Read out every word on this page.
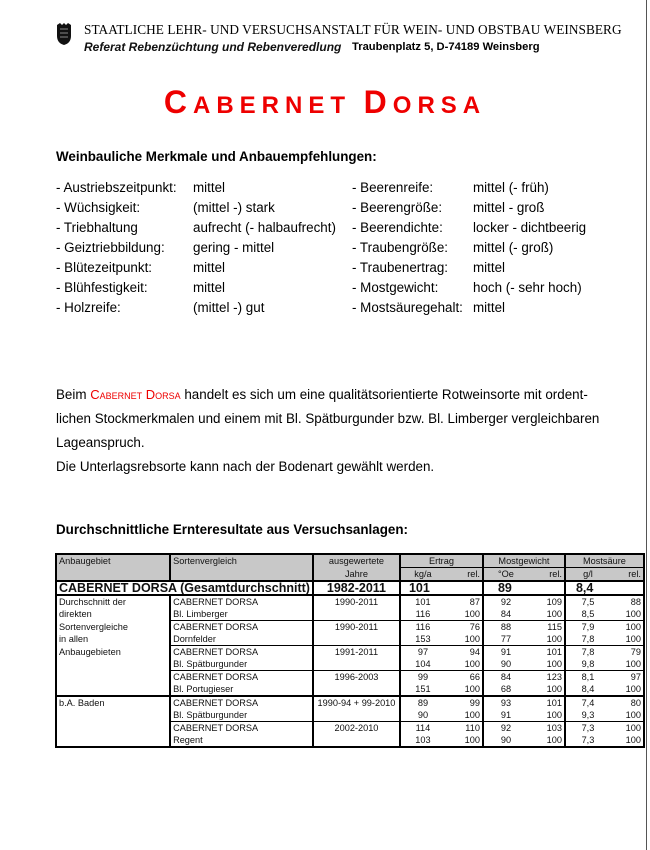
STAATLICHE LEHR- UND VERSUCHSANSTALT FÜR WEIN- UND OBSTBAU WEINSBERG
Referat Rebenzüchtung und Rebenveredlung Traubenplatz 5, D-74189 Weinsberg
CABERNET DORSA
Weinbauliche Merkmale und Anbauempfehlungen:
- Austriebszeitpunkt: mittel
- Wüchsigkeit:	(mittel -) stark
- Triebhaltung	aufrecht (- halbaufrecht)
- Geiztriebbildung: gering - mittel
- Blütezeitpunkt:	mittel
- Blühfestigkeit:	mittel
- Holzreife:	(mittel -) gut
- Beerenreife:	mittel (- früh)
- Beerengröße: mittel - groß
- Beerendichte: locker - dichtbeerig
- Traubengröße: mittel (- groß)
- Traubenertrag: mittel
- Mostgewicht:	hoch (- sehr hoch)
- Mostsäuregehalt: mittel
Beim Cabernet Dorsa handelt es sich um eine qualitätsorientierte Rotweinsorte mit ordent-
lichen Stockmerkmalen und einem mit Bl. Spätburgunder bzw. Bl. Limberger vergleichbaren
Lageanspruch.
Die Unterlagsrebsorte kann nach der Bodenart gewählt werden.
Durchschnittliche Ernteresultate aus Versuchsanlagen:
Anbaugebiet	Sortenvergleich	ausgewertete	Ertrag		Mostgewicht		Mostsäure	
		Jahre	kg/a	rel.	°Oe	rel.	g/l	rel.
CABERNET DORSA (Gesamtdurchschnitt)		1982-2011	101		89		8,4	
Durchschnitt der	CABERNET DORSA	1990-2011	101	87	92	109	7,5	88
direkten	Bl. Limberger		116	100	84	100	8,5	100
Sortenvergleiche	CABERNET DORSA	1990-2011	116	76	88	115	7,9	100
in allen	Dornfelder		153	100	77	100	7,8	100
Anbaugebieten	CABERNET DORSA	1991-2011	97	94	91	101	7,8	79
	Bl. Spätburgunder		104	100	90	100	9,8	100
	CABERNET DORSA	1996-2003	99	66	84	123	8,1	97
	Bl. Portugieser		151	100	68	100	8,4	100
b.A. Baden	CABERNET DORSA	1990-94 + 99-2010	89	99	93	101	7,4	80
	Bl. Spätburgunder		90	100	91	100	9,3	100
	CABERNET DORSA	2002-2010	114	110	92	103	7,3	100
	Regent		103	100	90	100	7,3	100
